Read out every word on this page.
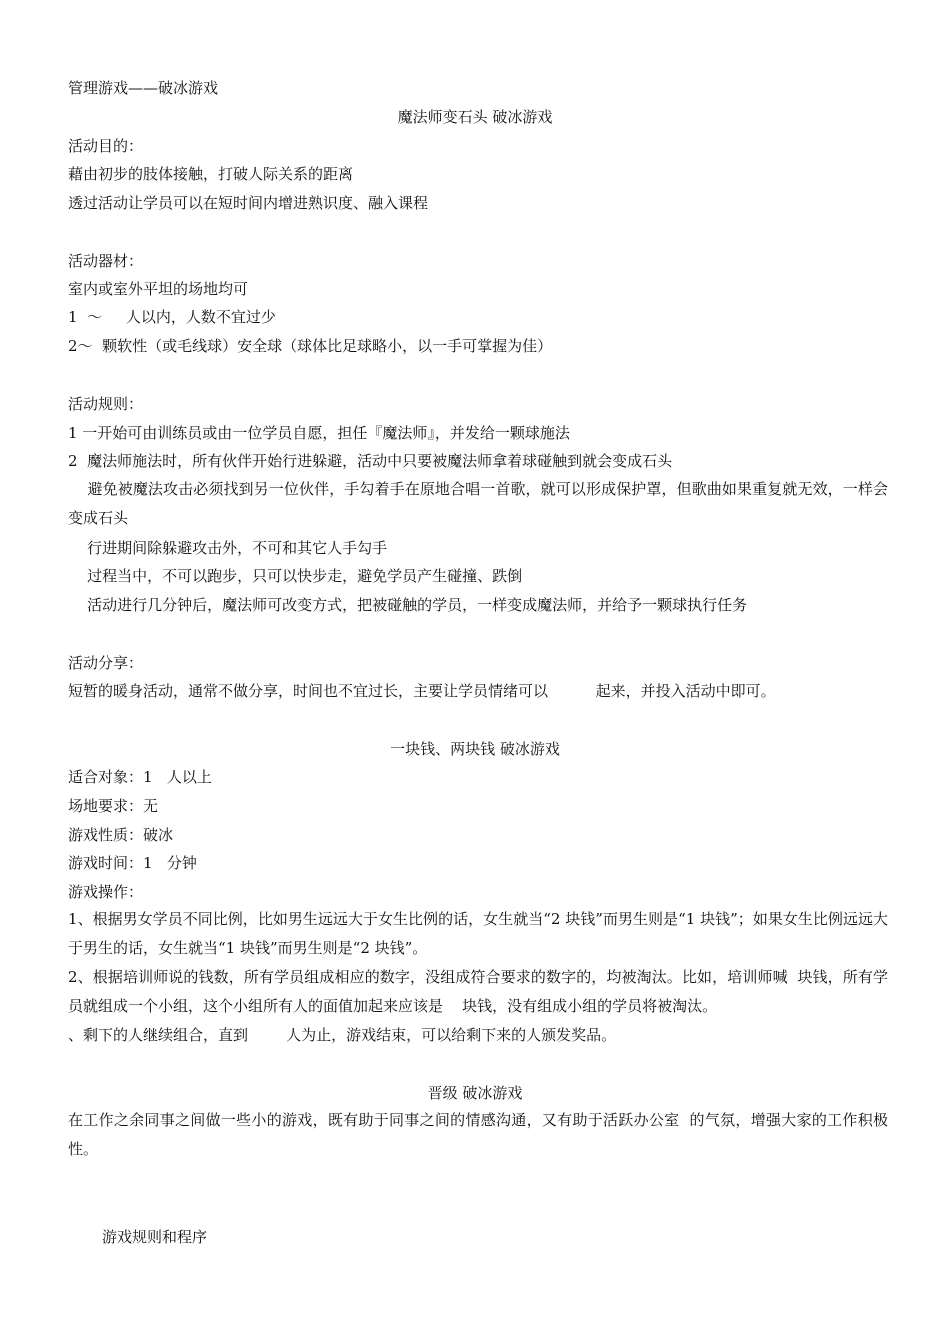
管理游戏——破冰游戏
魔法师变石头 破冰游戏
活动目的：
藉由初步的肢体接触，打破人际关系的距离
透过活动让学员可以在短时间内增进熟识度、融入课程
活动器材：
室内或室外平坦的场地均可
1  ～     人以内，人数不宜过少
2～  颗软性（或毛线球）安全球（球体比足球略小，以一手可掌握为佳）
活动规则：
1 一开始可由训练员或由一位学员自愿，担任『魔法师』，并发给一颗球施法
2  魔法师施法时，所有伙伴开始行进躲避，活动中只要被魔法师拿着球碰触到就会变成石头
避免被魔法攻击必须找到另一位伙伴，手勾着手在原地合唱一首歌，就可以形成保护罩，但歌曲如果重复就无效，一样会变成石头
行进期间除躲避攻击外，不可和其它人手勾手
过程当中，不可以跑步，只可以快步走，避免学员产生碰撞、跌倒
活动进行几分钟后，魔法师可改变方式，把被碰触的学员，一样变成魔法师，并给予一颗球执行任务
活动分享：
短暂的暖身活动，通常不做分享，时间也不宜过长，主要让学员情绪可以          起来，并投入活动中即可。
一块钱、两块钱 破冰游戏
适合对象：1   人以上
场地要求：无
游戏性质：破冰
游戏时间：1   分钟
游戏操作：
1、根据男女学员不同比例，比如男生远远大于女生比例的话，女生就当“2 块钱”而男生则是“1 块钱”；如果女生比例远远大于男生的话，女生就当“1 块钱”而男生则是“2 块钱”。
2、根据培训师说的钱数，所有学员组成相应的数字，没组成符合要求的数字的，均被淘汰。比如，培训师喊  块钱，所有学员就组成一个小组，这个小组所有人的面值加起来应该是    块钱，没有组成小组的学员将被淘汰。
、剩下的人继续组合，直到        人为止，游戏结束，可以给剩下来的人颁发奖品。
晋级 破冰游戏
在工作之余同事之间做一些小的游戏，既有助于同事之间的情感沟通，又有助于活跃办公室  的气氛，增强大家的工作积极性。
游戏规则和程序
